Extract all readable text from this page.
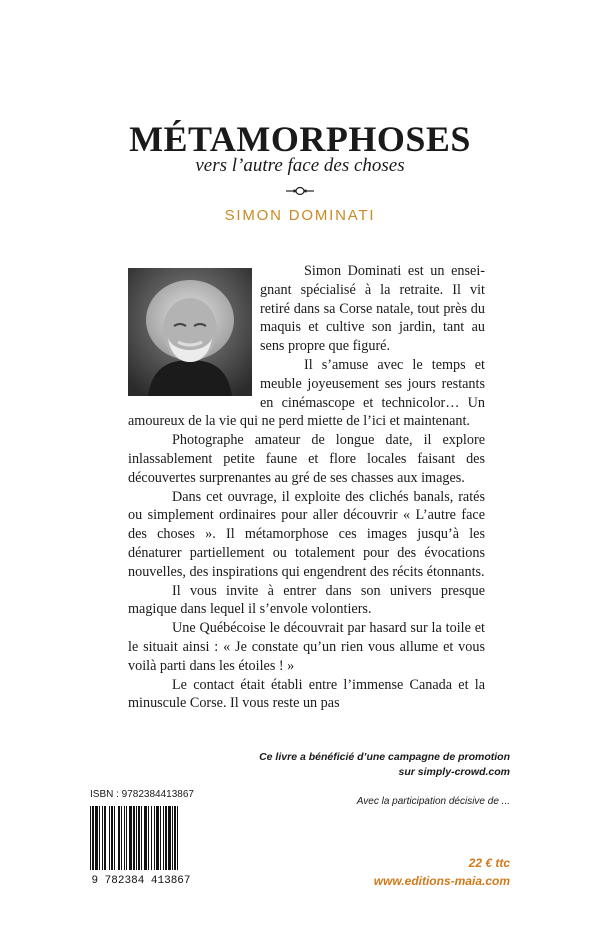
MÉTAMORPHOSES
vers l’autre face des choses
SIMON DOMINATI

Simon Dominati est un ensei-gnant spécialisé à la retraite. Il vit retiré dans sa Corse natale, tout près du maquis et cultive son jardin, tant au sens propre que figuré.

Il s’amuse avec le temps et meuble joyeusement ses jours restants en cinémascope et technicolor… Un amoureux de la vie qui ne perd miette de l’ici et maintenant.

Photographe amateur de longue date, il explore inlassablement petite faune et flore locales faisant des découvertes surprenantes au gré de ses chasses aux images.

Dans cet ouvrage, il exploite des clichés banals, ratés ou simplement ordinaires pour aller découvrir « L’autre face des choses ». Il métamorphose ces images jusqu’à les dénaturer partiellement ou totalement pour des évocations nouvelles, des inspirations qui engendrent des récits étonnants.

Il vous invite à entrer dans son univers presque magique dans lequel il s’envole volontiers.

Une Québécoise le découvrait par hasard sur la toile et le situait ainsi : « Je constate qu’un rien vous allume et vous voilà parti dans les étoiles ! »

Le contact était établi entre l’immense Canada et la minuscule Corse. Il vous reste un pas

Ce livre a bénéficié d’une campagne de promotion
sur simply-crowd.com
Avec la participation décisive de ...
ISBN : 9782384413867
9 782384 413867
22 € ttc
www.editions-maia.com
